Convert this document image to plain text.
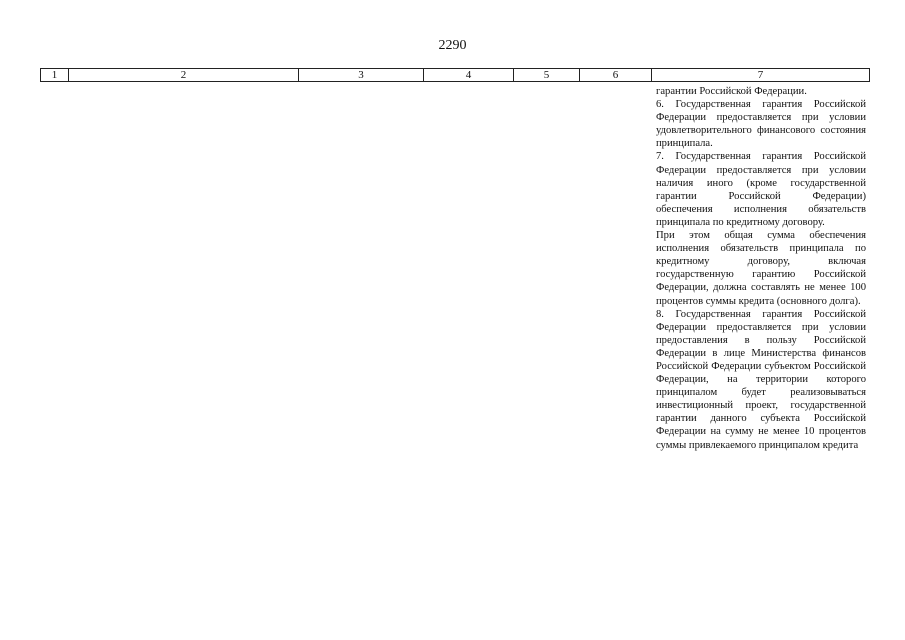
2290
1	2	3	4	5	6	7

гарантии Российской Федерации.

6. Государственная гарантия Российской Федерации предоставляется при условии удовлетворительного финансового состояния принципала.

7. Государственная гарантия Российской Федерации предоставляется при условии наличия иного (кроме государственной гарантии Российской Федерации) обеспечения исполнения обязательств принципала по кредитному договору.

При этом общая сумма обеспечения исполнения обязательств принципала по кредитному договору, включая государственную гарантию Российской Федерации, должна составлять не менее 100 процентов суммы кредита (основного долга).

8. Государственная гарантия Российской Федерации предоставляется при условии предоставления в пользу Российской Федерации в лице Министерства финансов Российской Федерации субъектом Российской Федерации, на территории которого принципалом будет реализовываться инвестиционный проект, государственной гарантии данного субъекта Российской Федерации на сумму не менее 10 процентов суммы привлекаемого принципалом кредита
